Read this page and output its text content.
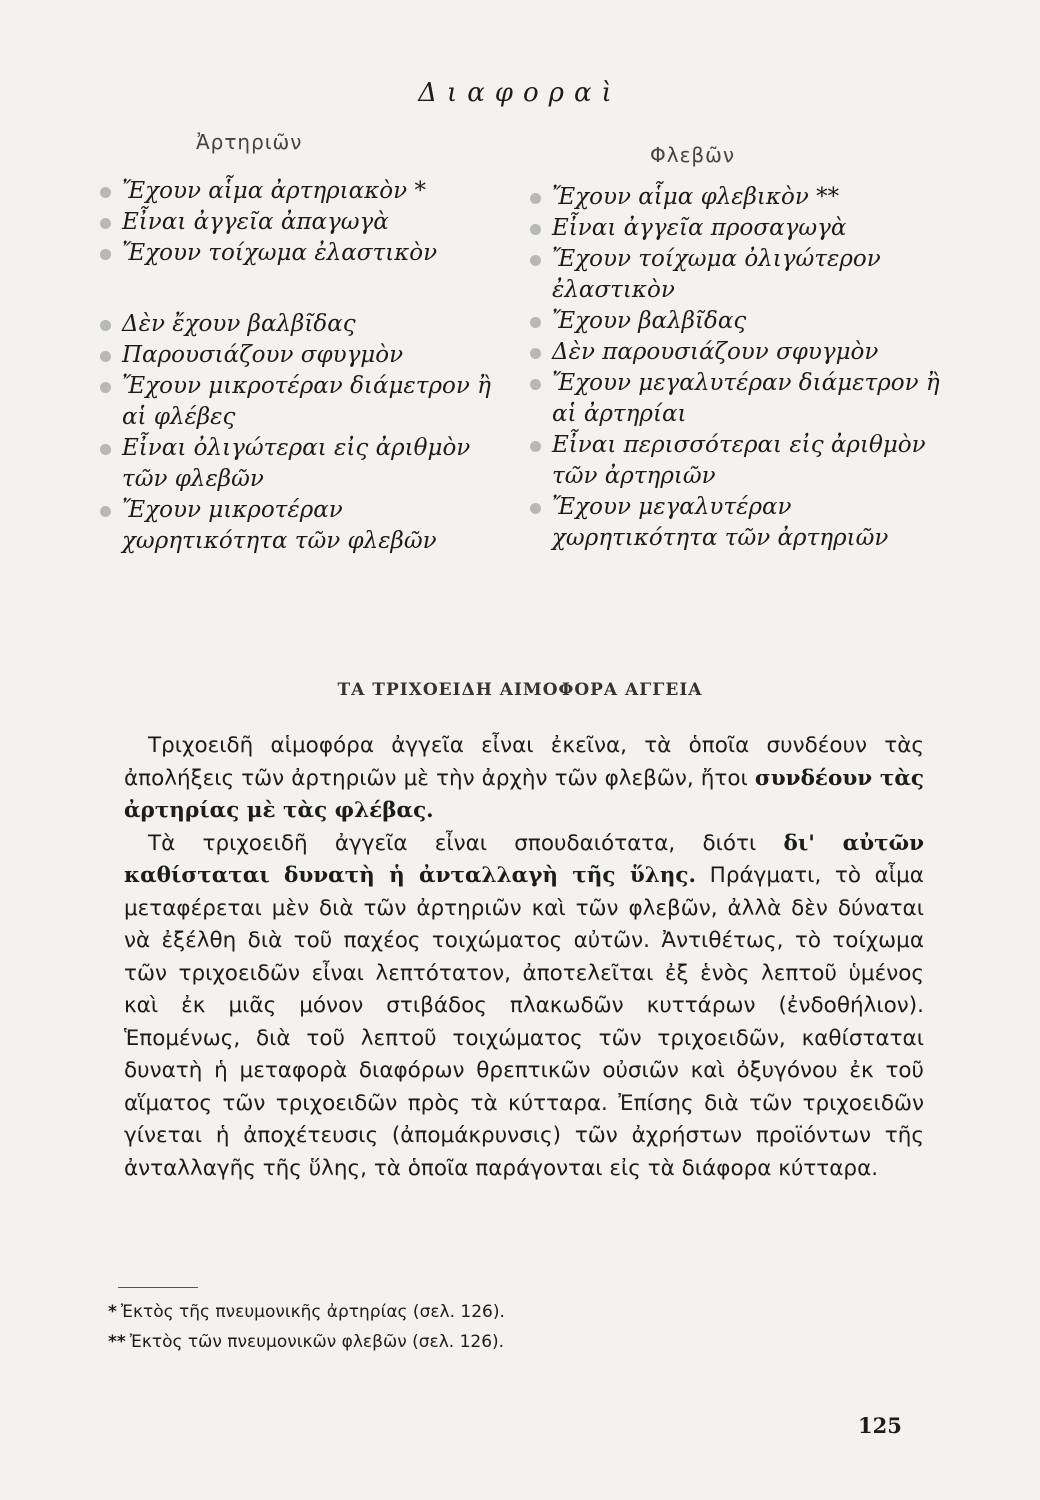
Διαφοραὶ
Ἀρτηριῶν
Φλεβῶν
Ἔχουν αἷμα ἀρτηριακὸν *
Εἶναι ἀγγεῖα ἀπαγωγὰ
Ἔχουν τοίχωμα ἐλαστικὸν
Δὲν ἔχουν βαλβῖδας
Παρουσιάζουν σφυγμὸν
Ἔχουν μικροτέραν διάμετρον ἢ αἱ φλέβες
Εἶναι ὀλιγώτεραι εἰς ἀριθμὸν τῶν φλεβῶν
Ἔχουν μικροτέραν χωρητικότητα τῶν φλεβῶν
Ἔχουν αἷμα φλεβικὸν **
Εἶναι ἀγγεῖα προσαγωγὰ
Ἔχουν τοίχωμα ὀλιγώτερον ἐλαστικὸν
Ἔχουν βαλβῖδας
Δὲν παρουσιάζουν σφυγμὸν
Ἔχουν μεγαλυτέραν διάμετρον ἢ αἱ ἀρτηρίαι
Εἶναι περισσότεραι εἰς ἀριθμὸν τῶν ἀρτηριῶν
Ἔχουν μεγαλυτέραν χωρητικότητα τῶν ἀρτηριῶν
ΤΑ ΤΡΙΧΟΕΙΔΗ ΑΙΜΟΦΟΡΑ ΑΓΓΕΙΑ

Τριχοειδῆ αἱμοφόρα ἀγγεῖα εἶναι ἐκεῖνα, τὰ ὁποῖα συνδέουν τὰς ἀπολήξεις τῶν ἀρτηριῶν μὲ τὴν ἀρχὴν τῶν φλεβῶν, ἤτοι συνδέουν τὰς ἀρτηρίας μὲ τὰς φλέβας.

Τὰ τριχοειδῆ ἀγγεῖα εἶναι σπουδαιότατα, διότι δι' αὐτῶν καθίσταται δυνατὴ ἡ ἀνταλλαγὴ τῆς ὕλης. Πράγματι, τὸ αἷμα μεταφέρεται μὲν διὰ τῶν ἀρτηριῶν καὶ τῶν φλεβῶν, ἀλλὰ δὲν δύναται νὰ ἐξέλθη διὰ τοῦ παχέος τοιχώματος αὐτῶν. Ἀντιθέτως, τὸ τοίχωμα τῶν τριχοειδῶν εἶναι λεπτότατον, ἀποτελεῖται ἐξ ἑνὸς λεπτοῦ ὑμένος καὶ ἐκ μιᾶς μόνον στιβάδος πλακωδῶν κυττάρων (ἐνδοθήλιον). Ἑπομένως, διὰ τοῦ λεπτοῦ τοιχώματος τῶν τριχοειδῶν, καθίσταται δυνατὴ ἡ μεταφορὰ διαφόρων θρεπτικῶν οὐσιῶν καὶ ὀξυγόνου ἐκ τοῦ αἵματος τῶν τριχοειδῶν πρὸς τὰ κύτταρα. Ἐπίσης διὰ τῶν τριχοειδῶν γίνεται ἡ ἀποχέτευσις (ἀπομάκρυνσις) τῶν ἀχρήστων προϊόντων τῆς ἀνταλλαγῆς τῆς ὕλης, τὰ ὁποῖα παράγονται εἰς τὰ διάφορα κύτταρα.

* Ἐκτὸς τῆς πνευμονικῆς ἀρτηρίας (σελ. 126).
** Ἐκτὸς τῶν πνευμονικῶν φλεβῶν (σελ. 126).
125
